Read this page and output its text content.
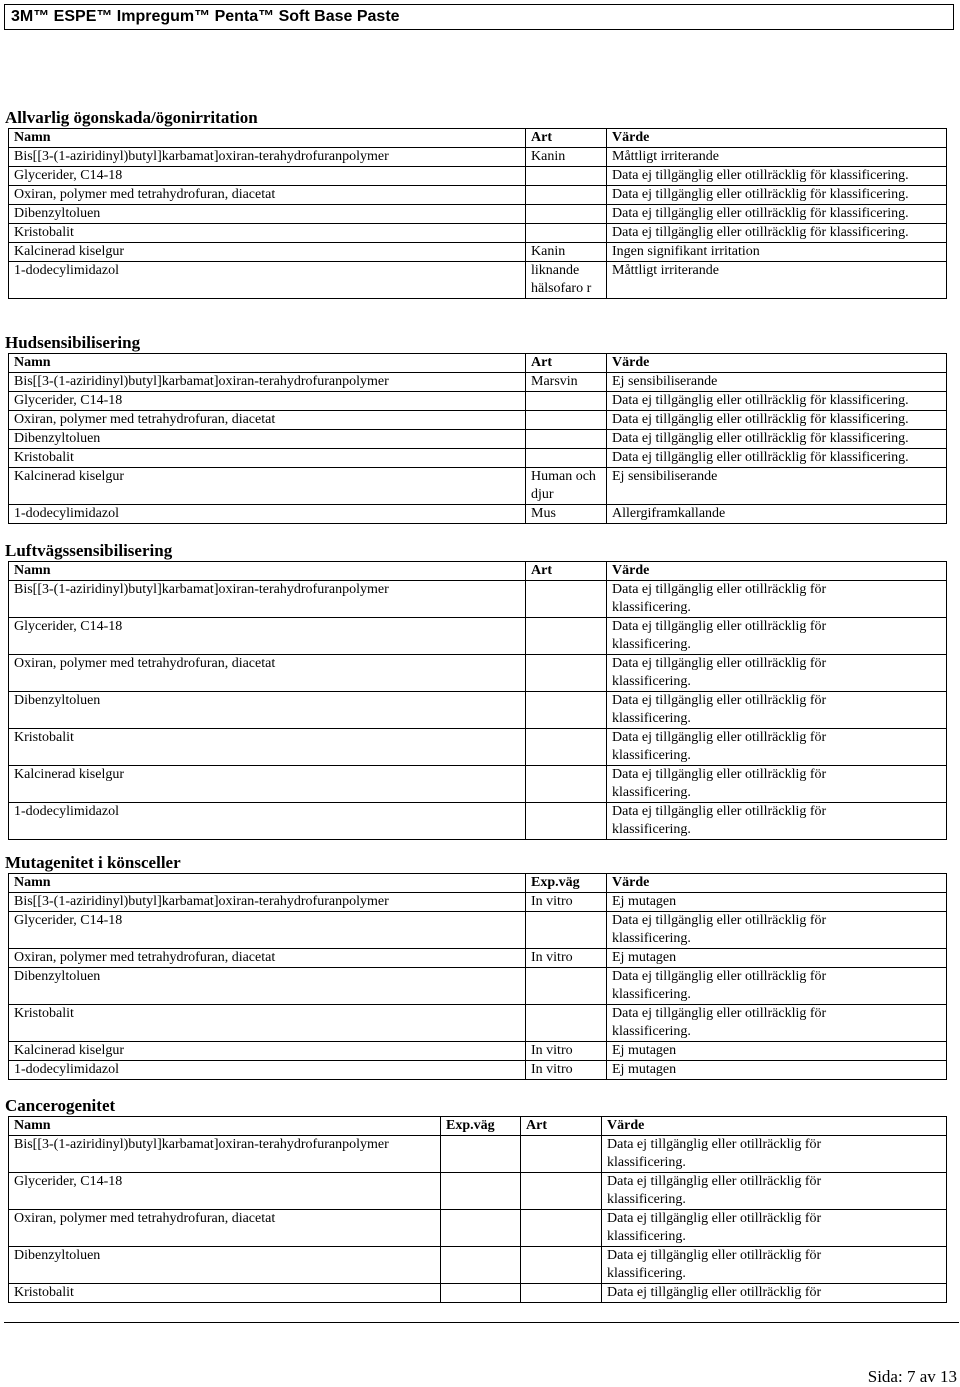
3M™ ESPE™ Impregum™ Penta™ Soft Base Paste
Allvarlig ögonskada/ögonirritation
Namn	Art	Värde
Bis[[3-(1-aziridinyl)butyl]karbamat]oxiran-terahydrofuranpolymer	Kanin	Måttligt irriterande
Glycerider, C14-18		Data ej tillgänglig eller otillräcklig för klassificering.
Oxiran, polymer med tetrahydrofuran, diacetat		Data ej tillgänglig eller otillräcklig för klassificering.
Dibenzyltoluen		Data ej tillgänglig eller otillräcklig för klassificering.
Kristobalit		Data ej tillgänglig eller otillräcklig för klassificering.
Kalcinerad kiselgur	Kanin	Ingen signifikant irritation
1-dodecylimidazol	liknande hälsofaro r	Måttligt irriterande
Hudsensibilisering
Namn	Art	Värde
Bis[[3-(1-aziridinyl)butyl]karbamat]oxiran-terahydrofuranpolymer	Marsvin	Ej sensibiliserande
Glycerider, C14-18		Data ej tillgänglig eller otillräcklig för klassificering.
Oxiran, polymer med tetrahydrofuran, diacetat		Data ej tillgänglig eller otillräcklig för klassificering.
Dibenzyltoluen		Data ej tillgänglig eller otillräcklig för klassificering.
Kristobalit		Data ej tillgänglig eller otillräcklig för klassificering.
Kalcinerad kiselgur	Human och djur	Ej sensibiliserande
1-dodecylimidazol	Mus	Allergiframkallande
Luftvägssensibilisering
Namn	Art	Värde
Bis[[3-(1-aziridinyl)butyl]karbamat]oxiran-terahydrofuranpolymer		Data ej tillgänglig eller otillräcklig för klassificering.
Glycerider, C14-18		Data ej tillgänglig eller otillräcklig för klassificering.
Oxiran, polymer med tetrahydrofuran, diacetat		Data ej tillgänglig eller otillräcklig för klassificering.
Dibenzyltoluen		Data ej tillgänglig eller otillräcklig för klassificering.
Kristobalit		Data ej tillgänglig eller otillräcklig för klassificering.
Kalcinerad kiselgur		Data ej tillgänglig eller otillräcklig för klassificering.
1-dodecylimidazol		Data ej tillgänglig eller otillräcklig för klassificering.
Mutagenitet i könsceller
Namn	Exp.väg	Värde
Bis[[3-(1-aziridinyl)butyl]karbamat]oxiran-terahydrofuranpolymer	In vitro	Ej mutagen
Glycerider, C14-18		Data ej tillgänglig eller otillräcklig för klassificering.
Oxiran, polymer med tetrahydrofuran, diacetat	In vitro	Ej mutagen
Dibenzyltoluen		Data ej tillgänglig eller otillräcklig för klassificering.
Kristobalit		Data ej tillgänglig eller otillräcklig för klassificering.
Kalcinerad kiselgur	In vitro	Ej mutagen
1-dodecylimidazol	In vitro	Ej mutagen
Cancerogenitet
Namn	Exp.väg	Art	Värde
Bis[[3-(1-aziridinyl)butyl]karbamat]oxiran-terahydrofuranpolymer			Data ej tillgänglig eller otillräcklig för klassificering.
Glycerider, C14-18			Data ej tillgänglig eller otillräcklig för klassificering.
Oxiran, polymer med tetrahydrofuran, diacetat			Data ej tillgänglig eller otillräcklig för klassificering.
Dibenzyltoluen			Data ej tillgänglig eller otillräcklig för klassificering.
Kristobalit			Data ej tillgänglig eller otillräcklig för
Sida: 7 av 13
